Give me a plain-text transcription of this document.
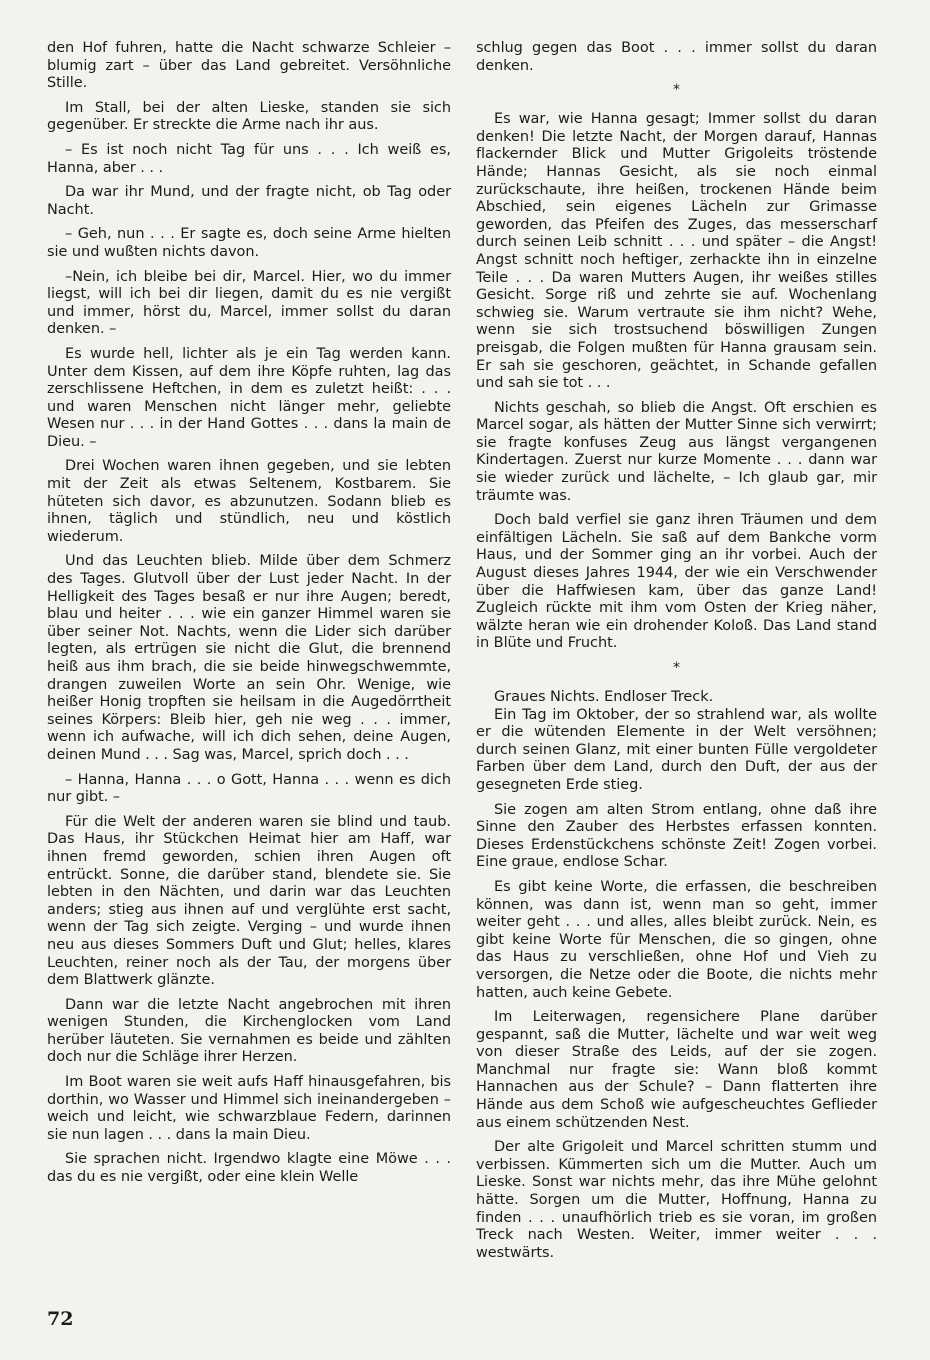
den Hof fuhren, hatte die Nacht schwarze Schleier – blumig zart – über das Land gebreitet. Versöhnliche Stille.

Im Stall, bei der alten Lieske, standen sie sich gegenüber. Er streckte die Arme nach ihr aus.

– Es ist noch nicht Tag für uns . . . Ich weiß es, Hanna, aber . . .

Da war ihr Mund, und der fragte nicht, ob Tag oder Nacht.

– Geh, nun . . . Er sagte es, doch seine Arme hielten sie und wußten nichts davon.

–Nein, ich bleibe bei dir, Marcel. Hier, wo du immer liegst, will ich bei dir liegen, damit du es nie vergißt und immer, hörst du, Marcel, immer sollst du daran denken. –

Es wurde hell, lichter als je ein Tag werden kann. Unter dem Kissen, auf dem ihre Köpfe ruhten, lag das zerschlissene Heftchen, in dem es zuletzt heißt: . . . und waren Menschen nicht länger mehr, geliebte Wesen nur . . . in der Hand Gottes . . . dans la main de Dieu. –

Drei Wochen waren ihnen gegeben, und sie lebten mit der Zeit als etwas Seltenem, Kostbarem. Sie hüteten sich davor, es abzunutzen. Sodann blieb es ihnen, täglich und stündlich, neu und köstlich wiederum.

Und das Leuchten blieb. Milde über dem Schmerz des Tages. Glutvoll über der Lust jeder Nacht. In der Helligkeit des Tages besaß er nur ihre Augen; beredt, blau und heiter . . . wie ein ganzer Himmel waren sie über seiner Not. Nachts, wenn die Lider sich darüber legten, als ertrügen sie nicht die Glut, die brennend heiß aus ihm brach, die sie beide hinwegschwemmte, drangen zuweilen Worte an sein Ohr. Wenige, wie heißer Honig tropften sie heilsam in die Augedörrtheit seines Körpers: Bleib hier, geh nie weg . . . immer, wenn ich aufwache, will ich dich sehen, deine Augen, deinen Mund . . . Sag was, Marcel, sprich doch . . .

– Hanna, Hanna . . . o Gott, Hanna . . . wenn es dich nur gibt. –

Für die Welt der anderen waren sie blind und taub. Das Haus, ihr Stückchen Heimat hier am Haff, war ihnen fremd geworden, schien ihren Augen oft entrückt. Sonne, die darüber stand, blendete sie. Sie lebten in den Nächten, und darin war das Leuchten anders; stieg aus ihnen auf und verglühte erst sacht, wenn der Tag sich zeigte. Verging – und wurde ihnen neu aus dieses Sommers Duft und Glut; helles, klares Leuchten, reiner noch als der Tau, der morgens über dem Blattwerk glänzte.

Dann war die letzte Nacht angebrochen mit ihren wenigen Stunden, die Kirchenglocken vom Land herüber läuteten. Sie vernahmen es beide und zählten doch nur die Schläge ihrer Herzen.

Im Boot waren sie weit aufs Haff hinausgefahren, bis dorthin, wo Wasser und Himmel sich ineinandergeben – weich und leicht, wie schwarzblaue Federn, darinnen sie nun lagen . . . dans la main Dieu.

Sie sprachen nicht. Irgendwo klagte eine Möwe . . . das du es nie vergißt, oder eine klein Welle

schlug gegen das Boot . . . immer sollst du daran denken.

*

Es war, wie Hanna gesagt; Immer sollst du daran denken! Die letzte Nacht, der Morgen darauf, Hannas flackernder Blick und Mutter Grigoleits tröstende Hände; Hannas Gesicht, als sie noch einmal zurückschaute, ihre heißen, trockenen Hände beim Abschied, sein eigenes Lächeln zur Grimasse geworden, das Pfeifen des Zuges, das messerscharf durch seinen Leib schnitt . . . und später – die Angst! Angst schnitt noch heftiger, zerhackte ihn in einzelne Teile . . . Da waren Mutters Augen, ihr weißes stilles Gesicht. Sorge riß und zehrte sie auf. Wochenlang schwieg sie. Warum vertraute sie ihm nicht? Wehe, wenn sie sich trostsuchend böswilligen Zungen preisgab, die Folgen mußten für Hanna grausam sein. Er sah sie geschoren, geächtet, in Schande gefallen und sah sie tot . . .

Nichts geschah, so blieb die Angst. Oft erschien es Marcel sogar, als hätten der Mutter Sinne sich verwirrt; sie fragte konfuses Zeug aus längst vergangenen Kindertagen. Zuerst nur kurze Momente . . . dann war sie wieder zurück und lächelte, – Ich glaub gar, mir träumte was.

Doch bald verfiel sie ganz ihren Träumen und dem einfältigen Lächeln. Sie saß auf dem Bankche vorm Haus, und der Sommer ging an ihr vorbei. Auch der August dieses Jahres 1944, der wie ein Verschwender über die Haffwiesen kam, über das ganze Land! Zugleich rückte mit ihm vom Osten der Krieg näher, wälzte heran wie ein drohender Koloß. Das Land stand in Blüte und Frucht.

*

Graues Nichts. Endloser Treck.

Ein Tag im Oktober, der so strahlend war, als wollte er die wütenden Elemente in der Welt versöhnen; durch seinen Glanz, mit einer bunten Fülle vergoldeter Farben über dem Land, durch den Duft, der aus der gesegneten Erde stieg.

Sie zogen am alten Strom entlang, ohne daß ihre Sinne den Zauber des Herbstes erfassen konnten. Dieses Erdenstückchens schönste Zeit! Zogen vorbei. Eine graue, endlose Schar.

Es gibt keine Worte, die erfassen, die beschreiben können, was dann ist, wenn man so geht, immer weiter geht . . . und alles, alles bleibt zurück. Nein, es gibt keine Worte für Menschen, die so gingen, ohne das Haus zu verschließen, ohne Hof und Vieh zu versorgen, die Netze oder die Boote, die nichts mehr hatten, auch keine Gebete.

Im Leiterwagen, regensichere Plane darüber gespannt, saß die Mutter, lächelte und war weit weg von dieser Straße des Leids, auf der sie zogen. Manchmal nur fragte sie: Wann bloß kommt Hannachen aus der Schule? – Dann flatterten ihre Hände aus dem Schoß wie aufgescheuchtes Geflieder aus einem schützenden Nest.

Der alte Grigoleit und Marcel schritten stumm und verbissen. Kümmerten sich um die Mutter. Auch um Lieske. Sonst war nichts mehr, das ihre Mühe gelohnt hätte. Sorgen um die Mutter, Hoffnung, Hanna zu finden . . . unaufhörlich trieb es sie voran, im großen Treck nach Westen. Weiter, immer weiter . . . westwärts.

72
